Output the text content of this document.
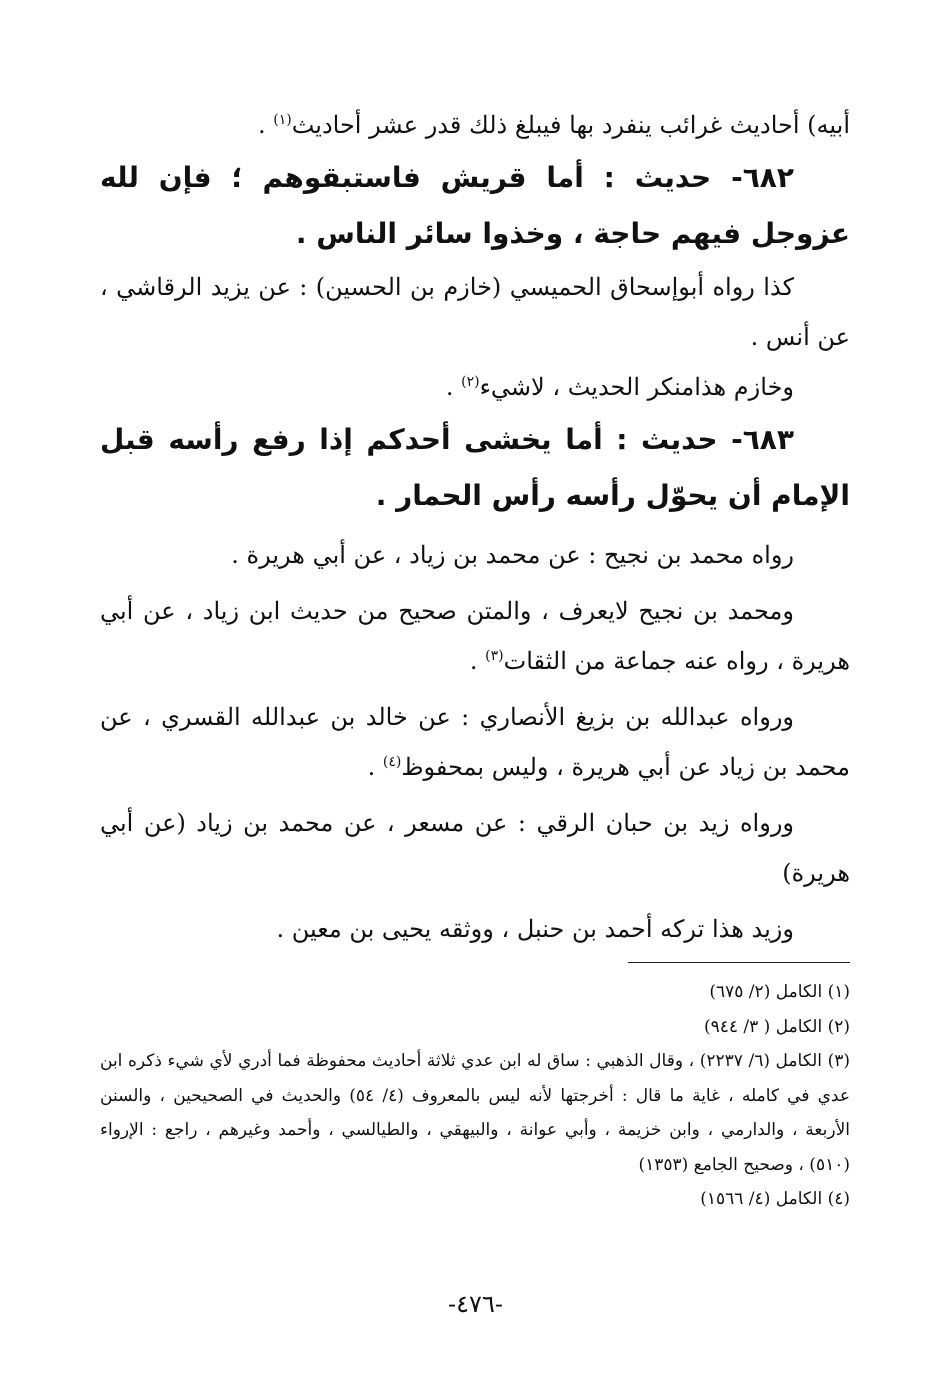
أبيه) أحاديث غرائب ينفرد بها فيبلغ ذلك قدر عشر أحاديث$^{(١)}$ .

٦٨٢- حديث : أما قريش فاستبقوهم ؛ فإن لله عزوجل فيهم حاجة ، وخذوا سائر الناس .

كذا رواه أبوإسحاق الحميسي (خازم بن الحسين) : عن يزيد الرقاشي ، عن أنس .

وخازم هذامنكر الحديث ، لاشيء$^{(٢)}$ .

٦٨٣- حديث : أما يخشى أحدكم إذا رفع رأسه قبل الإمام أن يحوّل رأسه رأس الحمار .

رواه محمد بن نجيح : عن محمد بن زياد ، عن أبي هريرة .

ومحمد بن نجيح لايعرف ، والمتن صحيح من حديث ابن زياد ، عن أبي هريرة ، رواه عنه جماعة من الثقات$^{(٣)}$ .

ورواه عبدالله بن بزيغ الأنصاري : عن خالد بن عبدالله القسري ، عن محمد بن زياد عن أبي هريرة ، وليس بمحفوظ$^{(٤)}$ .

ورواه زيد بن حبان الرقي : عن مسعر ، عن محمد بن زياد (عن أبي هريرة)

وزيد هذا تركه أحمد بن حنبل ، ووثقه يحيى بن معين .

(١) الكامل (٢/ ٦٧٥)

(٢) الكامل ( ٣/ ٩٤٤)

(٣) الكامل (٦/ ٢٢٣٧) ، وقال الذهبي : ساق له ابن عدي ثلاثة أحاديث محفوظة فما أدري لأي شيء ذكره ابن عدي في كامله ، غاية ما قال : أخرجتها لأنه ليس بالمعروف (٤/ ٥٤) والحديث في الصحيحين ، والسنن الأربعة ، والدارمي ، وابن خزيمة ، وأبي عوانة ، والبيهقي ، والطيالسي ، وأحمد وغيرهم ، راجع : الإرواء (٥١٠) ، وصحيح الجامع (١٣٥٣)

(٤) الكامل (٤/ ١٥٦٦)

-٤٧٦-
